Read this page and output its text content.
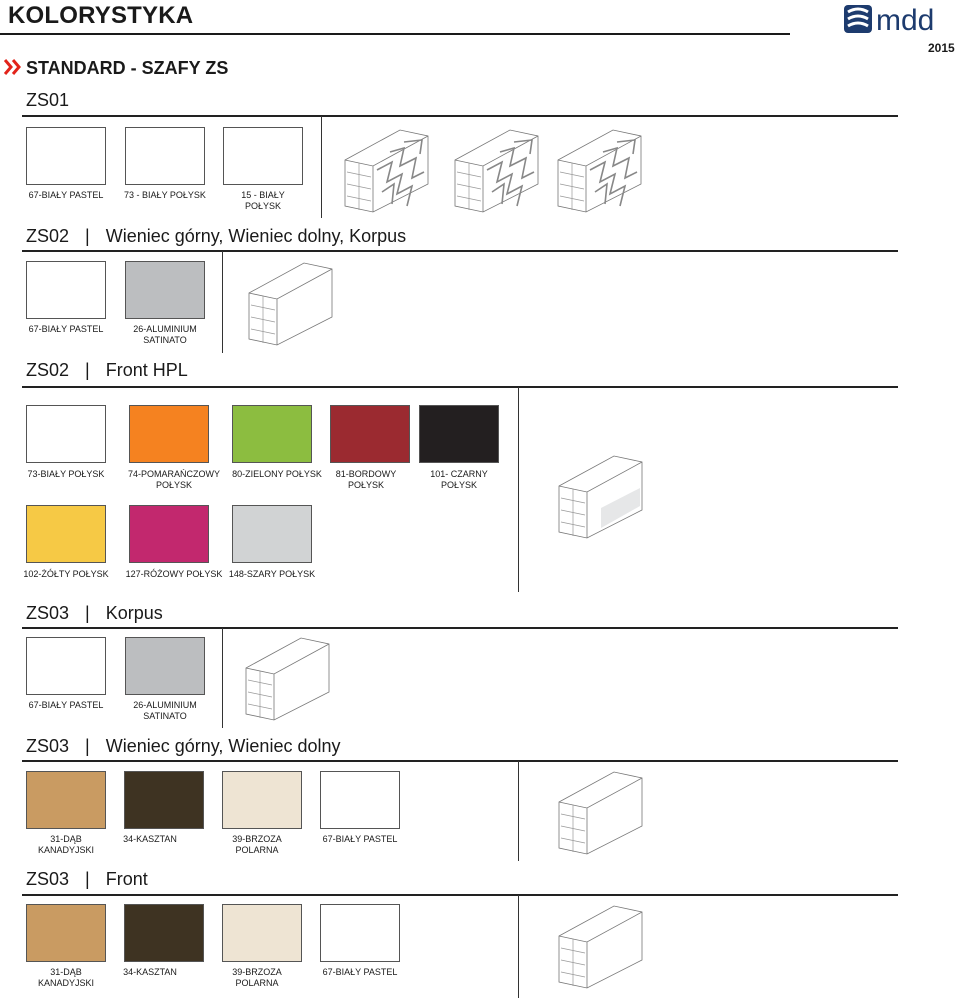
KOLORYSTYKA	mdd
2015
STANDARD - SZAFY ZS
ZS01
67-BIAŁY PASTEL	73 - BIAŁY POŁYSK	15 - BIAŁY
POŁYSK
ZS02 | Wieniec górny, Wieniec dolny, Korpus
67-BIAŁY PASTEL	26-ALUMINIUM
SATINATO
ZS02 | Front HPL
73-BIAŁY POŁYSK	74-POMARAŃCZOWY
POŁYSK
80-ZIELONY POŁYSK	81-BORDOWY
POŁYSK
101- CZARNY
POŁYSK
102-ŻÓŁTY POŁYSK	127-RÓŻOWY POŁYSK 148-SZARY POŁYSK
ZS03 | Korpus
67-BIAŁY PASTEL	26-ALUMINIUM
SATINATO
ZS03 | Wieniec górny, Wieniec dolny
31-DĄB
KANADYJSKI
34-KASZTAN	39-BRZOZA
POLARNA
67-BIAŁY PASTEL
ZS03 | Front
31-DĄB
KANADYJSKI
34-KASZTAN	39-BRZOZA
POLARNA
67-BIAŁY PASTEL
